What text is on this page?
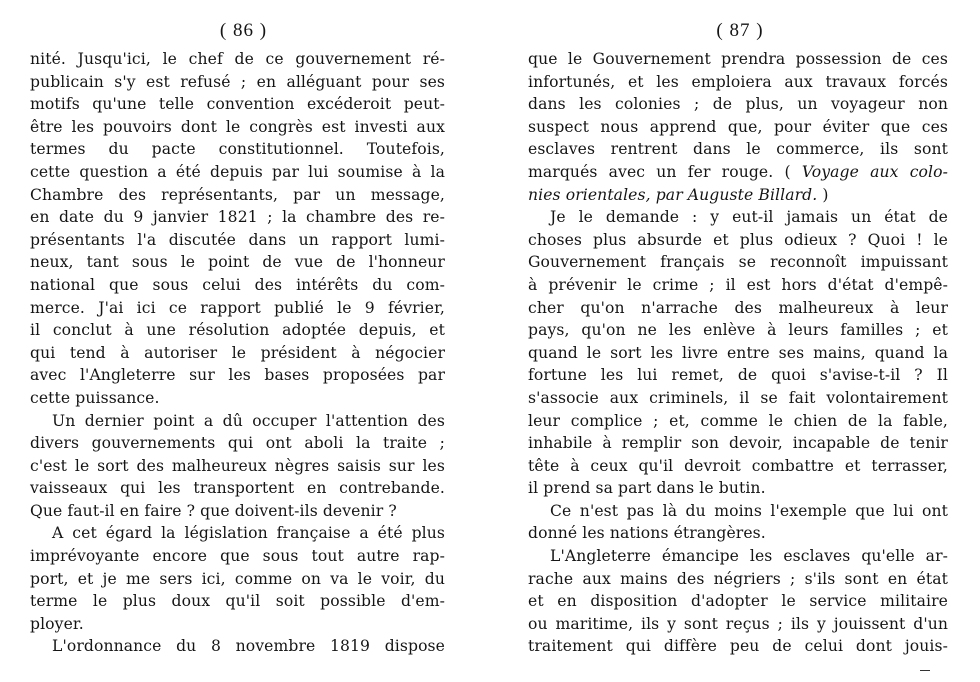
( 86 )
nité. Jusqu'ici, le chef de ce gouvernement ré-
publicain s'y est refusé ; en alléguant pour ses
motifs qu'une telle convention excéderoit peut-
être les pouvoirs dont le congrès est investi aux
termes du pacte constitutionnel. Toutefois,
cette question a été depuis par lui soumise à la
Chambre des représentants, par un message,
en date du 9 janvier 1821 ; la chambre des re-
présentants l'a discutée dans un rapport lumi-
neux, tant sous le point de vue de l'honneur
national que sous celui des intérêts du com-
merce. J'ai ici ce rapport publié le 9 février,
il conclut à une résolution adoptée depuis, et
qui tend à autoriser le président à négocier
avec l'Angleterre sur les bases proposées par
cette puissance.
Un dernier point a dû occuper l'attention des
divers gouvernements qui ont aboli la traite ;
c'est le sort des malheureux nègres saisis sur les
vaisseaux qui les transportent en contrebande.
Que faut-il en faire ? que doivent-ils devenir ?
A cet égard la législation française a été plus
imprévoyante encore que sous tout autre rap-
port, et je me sers ici, comme on va le voir, du
terme le plus doux qu'il soit possible d'em-
ployer.
L'ordonnance du 8 novembre 1819 dispose
( 87 )
que le Gouvernement prendra possession de ces
infortunés, et les emploiera aux travaux forcés
dans les colonies ; de plus, un voyageur non
suspect nous apprend que, pour éviter que ces
esclaves rentrent dans le commerce, ils sont
marqués avec un fer rouge. ( Voyage aux colo-
nies orientales, par Auguste Billard. )
Je le demande : y eut-il jamais un état de
choses plus absurde et plus odieux ? Quoi ! le
Gouvernement français se reconnoît impuissant
à prévenir le crime ; il est hors d'état d'empê-
cher qu'on n'arrache des malheureux à leur
pays, qu'on ne les enlève à leurs familles ; et
quand le sort les livre entre ses mains, quand la
fortune les lui remet, de quoi s'avise-t-il ? Il
s'associe aux criminels, il se fait volontairement
leur complice ; et, comme le chien de la fable,
inhabile à remplir son devoir, incapable de tenir
tête à ceux qu'il devroit combattre et terrasser,
il prend sa part dans le butin.
Ce n'est pas là du moins l'exemple que lui ont
donné les nations étrangères.
L'Angleterre émancipe les esclaves qu'elle ar-
rache aux mains des négriers ; s'ils sont en état
et en disposition d'adopter le service militaire
ou maritime, ils y sont reçus ; ils y jouissent d'un
traitement qui diffère peu de celui dont jouis-
